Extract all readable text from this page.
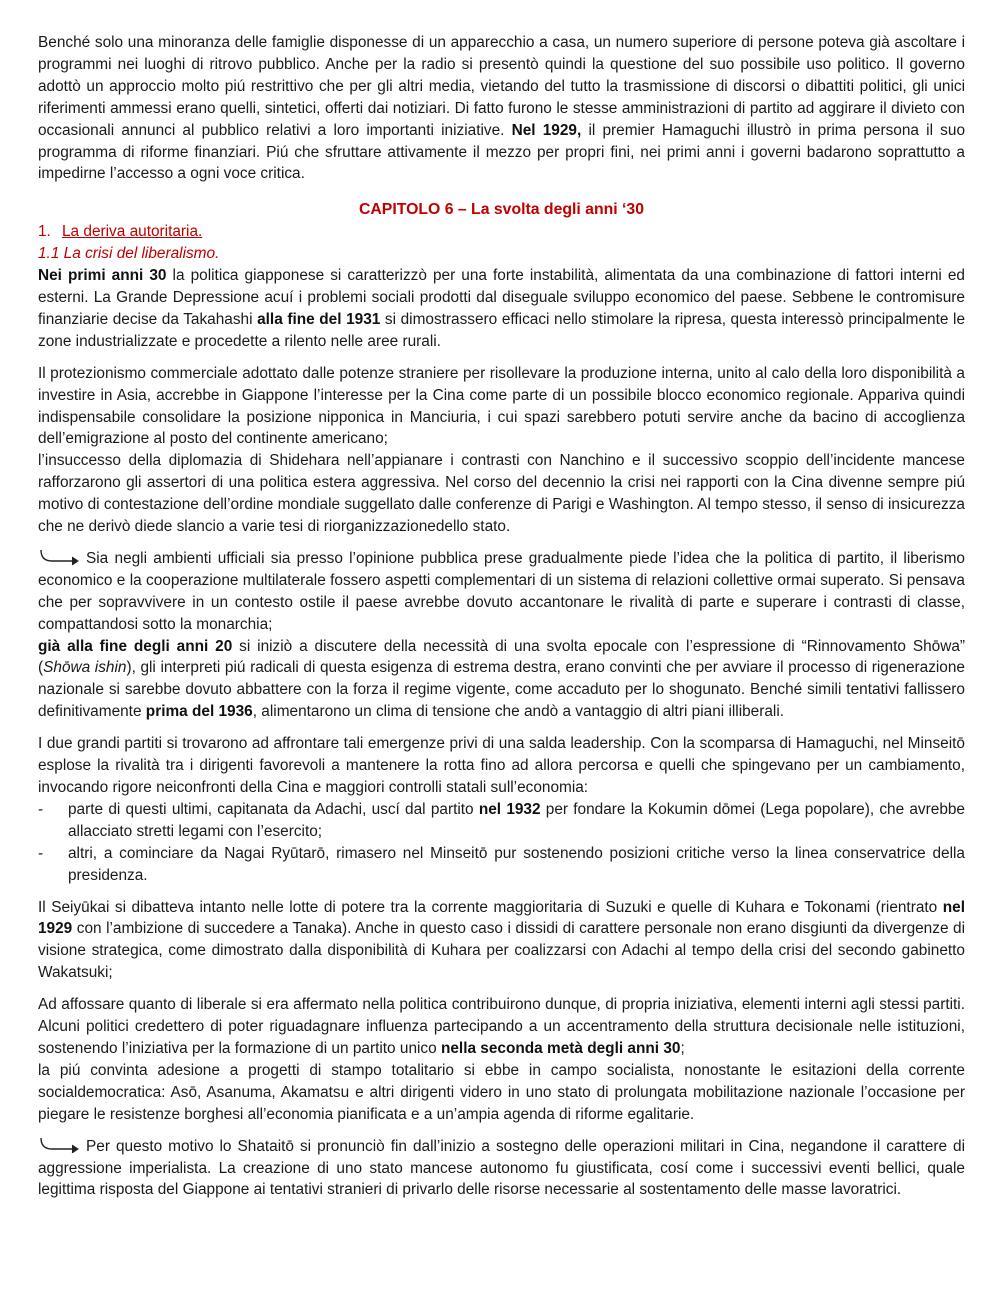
Benché solo una minoranza delle famiglie disponesse di un apparecchio a casa, un numero superiore di persone poteva già ascoltare i programmi nei luoghi di ritrovo pubblico. Anche per la radio si presentò quindi la questione del suo possibile uso politico. Il governo adottò un approccio molto piú restrittivo che per gli altri media, vietando del tutto la trasmissione di discorsi o dibattiti politici, gli unici riferimenti ammessi erano quelli, sintetici, offerti dai notiziari. Di fatto furono le stesse amministrazioni di partito ad aggirare il divieto con occasionali annunci al pubblico relativi a loro importanti iniziative. Nel 1929, il premier Hamaguchi illustrò in prima persona il suo programma di riforme finanziari. Piú che sfruttare attivamente il mezzo per propri fini, nei primi anni i governi badarono soprattutto a impedirne l’accesso a ogni voce critica.

CAPITOLO 6 – La svolta degli anni ‘30
1. La deriva autoritaria.
1.1 La crisi del liberalismo.

Nei primi anni 30 la politica giapponese si caratterizzò per una forte instabilità, alimentata da una combinazione di fattori interni ed esterni. La Grande Depressione acuí i problemi sociali prodotti dal diseguale sviluppo economico del paese. Sebbene le contromisure finanziarie decise da Takahashi alla fine del 1931 si dimostrassero efficaci nello stimolare la ripresa, questa interessò principalmente le zone industrializzate e procedette a rilento nelle aree rurali.

Il protezionismo commerciale adottato dalle potenze straniere per risollevare la produzione interna, unito al calo della loro disponibilità a investire in Asia, accrebbe in Giappone l’interesse per la Cina come parte di un possibile blocco economico regionale. Appariva quindi indispensabile consolidare la posizione nipponica in Manciuria, i cui spazi sarebbero potuti servire anche da bacino di accoglienza dell’emigrazione al posto del continente americano;

l’insuccesso della diplomazia di Shidehara nell’appianare i contrasti con Nanchino e il successivo scoppio dell’incidente mancese rafforzarono gli assertori di una politica estera aggressiva. Nel corso del decennio la crisi nei rapporti con la Cina divenne sempre piú motivo di contestazione dell’ordine mondiale suggellato dalle conferenze di Parigi e Washington. Al tempo stesso, il senso di insicurezza che ne derivò diede slancio a varie tesi di riorganizzazionedello stato.

Sia negli ambienti ufficiali sia presso l’opinione pubblica prese gradualmente piede l’idea che la politica di partito, il liberismo economico e la cooperazione multilaterale fossero aspetti complementari di un sistema di relazioni collettive ormai superato. Si pensava che per sopravvivere in un contesto ostile il paese avrebbe dovuto accantonare le rivalità di parte e superare i contrasti di classe, compattandosi sotto la monarchia;

già alla fine degli anni 20 si iniziò a discutere della necessità di una svolta epocale con l’espressione di “Rinnovamento Shōwa” (Shōwa ishin), gli interpreti piú radicali di questa esigenza di estrema destra, erano convinti che per avviare il processo di rigenerazione nazionale si sarebbe dovuto abbattere con la forza il regime vigente, come accaduto per lo shogunato. Benché simili tentativi fallissero definitivamente prima del 1936, alimentarono un clima di tensione che andò a vantaggio di altri piani illiberali.

I due grandi partiti si trovarono ad affrontare tali emergenze privi di una salda leadership. Con la scomparsa di Hamaguchi, nel Minseitō esplose la rivalità tra i dirigenti favorevoli a mantenere la rotta fino ad allora percorsa e quelli che spingevano per un cambiamento, invocando rigore neiconfronti della Cina e maggiori controlli statali sull’economia:

- parte di questi ultimi, capitanata da Adachi, uscí dal partito nel 1932 per fondare la Kokumin dōmei (Lega popolare), che avrebbe allacciato stretti legami con l’esercito;
- altri, a cominciare da Nagai Ryūtarō, rimasero nel Minseitō pur sostenendo posizioni critiche verso la linea conservatrice della presidenza.

Il Seiyūkai si dibatteva intanto nelle lotte di potere tra la corrente maggioritaria di Suzuki e quelle di Kuhara e Tokonami (rientrato nel 1929 con l’ambizione di succedere a Tanaka). Anche in questo caso i dissidi di carattere personale non erano disgiunti da divergenze di visione strategica, come dimostrato dalla disponibilità di Kuhara per coalizzarsi con Adachi al tempo della crisi del secondo gabinetto Wakatsuki;

Ad affossare quanto di liberale si era affermato nella politica contribuirono dunque, di propria iniziativa, elementi interni agli stessi partiti. Alcuni politici credettero di poter riguadagnare influenza partecipando a un accentramento della struttura decisionale nelle istituzioni, sostenendo l’iniziativa per la formazione di un partito unico nella seconda metà degli anni 30;

la piú convinta adesione a progetti di stampo totalitario si ebbe in campo socialista, nonostante le esitazioni della corrente socialdemocratica: Asō, Asanuma, Akamatsu e altri dirigenti videro in uno stato di prolungata mobilitazione nazionale l’occasione per piegare le resistenze borghesi all’economia pianificata e a un’ampia agenda di riforme egalitarie.

Per questo motivo lo Shataitō si pronunciò fin dall’inizio a sostegno delle operazioni militari in Cina, negandone il carattere di aggressione imperialista. La creazione di uno stato mancese autonomo fu giustificata, cosí come i successivi eventi bellici, quale legittima risposta del Giappone ai tentativi stranieri di privarlo delle risorse necessarie al sostentamento delle masse lavoratrici.
